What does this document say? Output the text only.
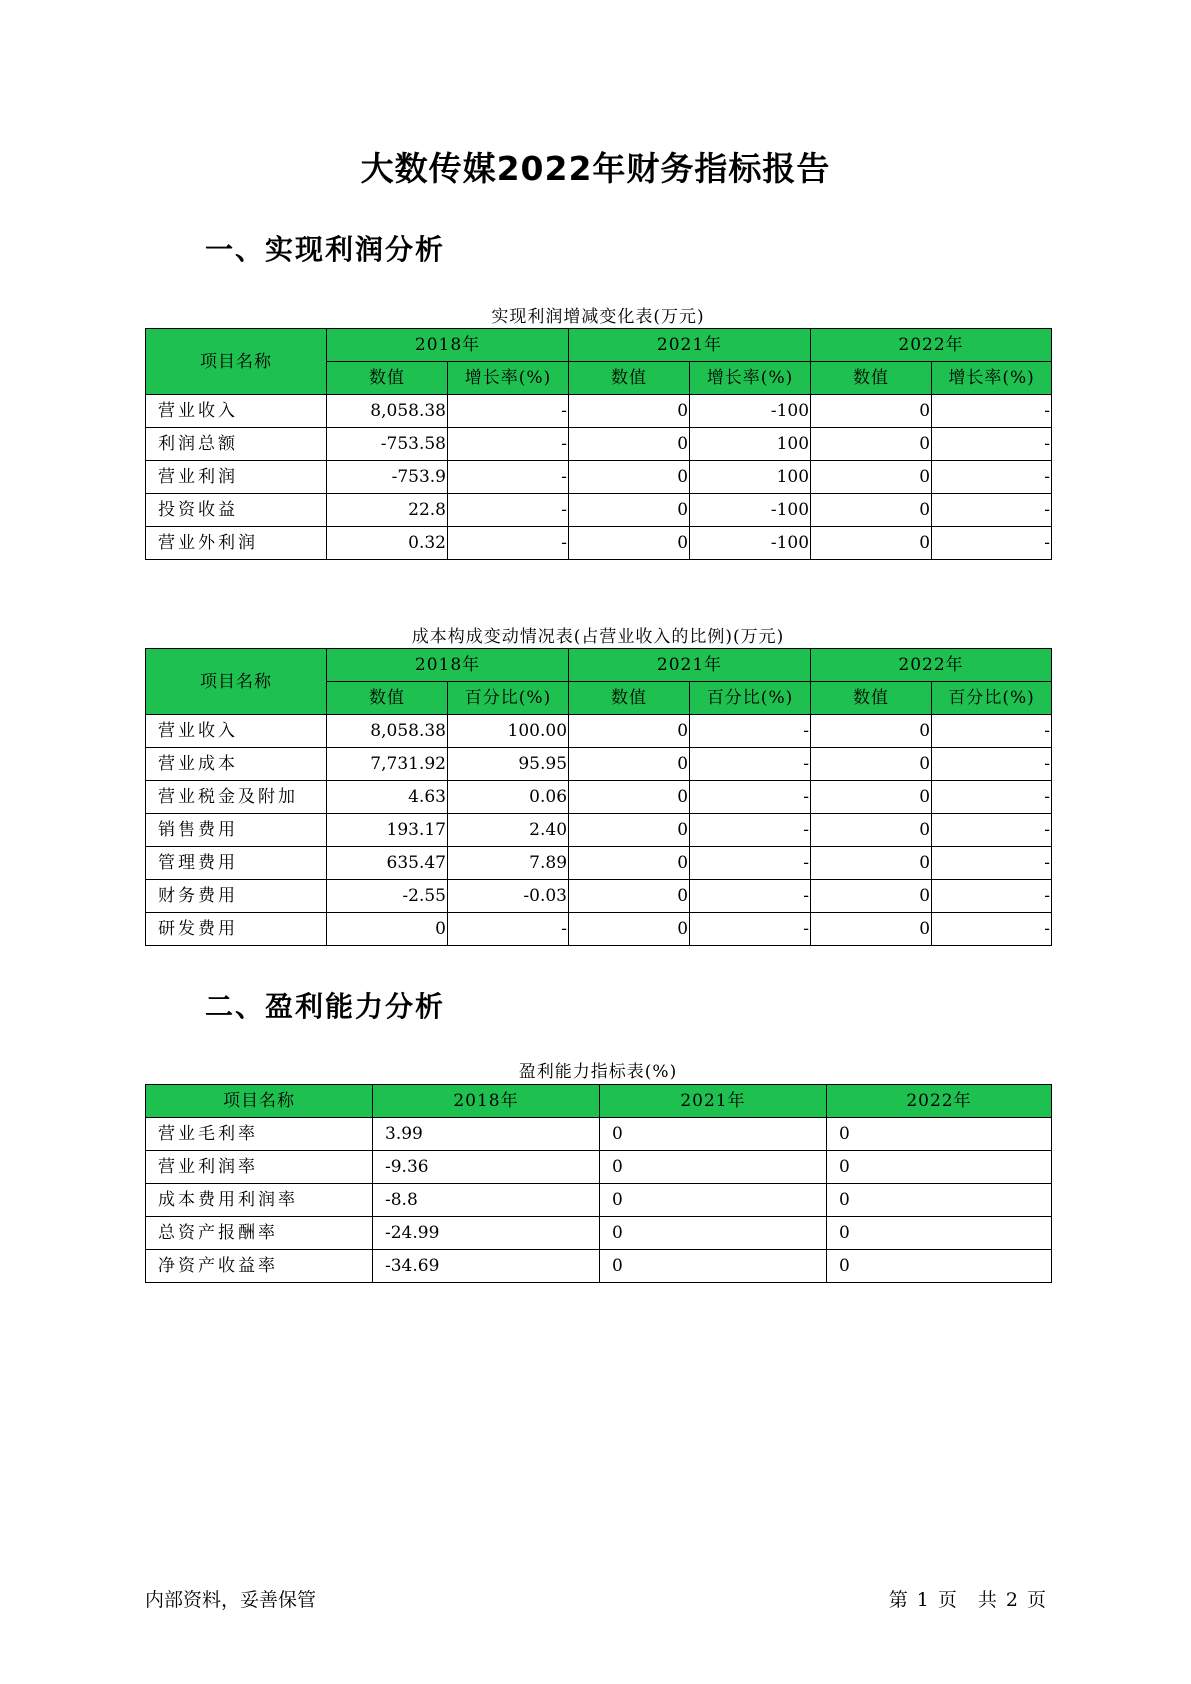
大数传媒2022年财务指标报告
一、实现利润分析
实现利润增减变化表(万元)
项目名称	2018年		2021年		2022年	
	数值	增长率(%)	数值	增长率(%)	数值	增长率(%)
营业收入	8,058.38	-	0	-100	0	-
利润总额	-753.58	-	0	100	0	-
营业利润	-753.9	-	0	100	0	-
投资收益	22.8	-	0	-100	0	-
营业外利润	0.32	-	0	-100	0	-
成本构成变动情况表(占营业收入的比例)(万元)
项目名称	2018年		2021年		2022年	
	数值	百分比(%)	数值	百分比(%)	数值	百分比(%)
营业收入	8,058.38	100.00	0	-	0	-
营业成本	7,731.92	95.95	0	-	0	-
营业税金及附加	4.63	0.06	0	-	0	-
销售费用	193.17	2.40	0	-	0	-
管理费用	635.47	7.89	0	-	0	-
财务费用	-2.55	-0.03	0	-	0	-
研发费用	0	-	0	-	0	-
二、盈利能力分析
盈利能力指标表(%)
项目名称	2018年	2021年	2022年
营业毛利率	3.99	0	0
营业利润率	-9.36	0	0
成本费用利润率	-8.8	0	0
总资产报酬率	-24.99	0	0
净资产收益率	-34.69	0	0
内部资料，妥善保管	第 1 页　共 2 页
